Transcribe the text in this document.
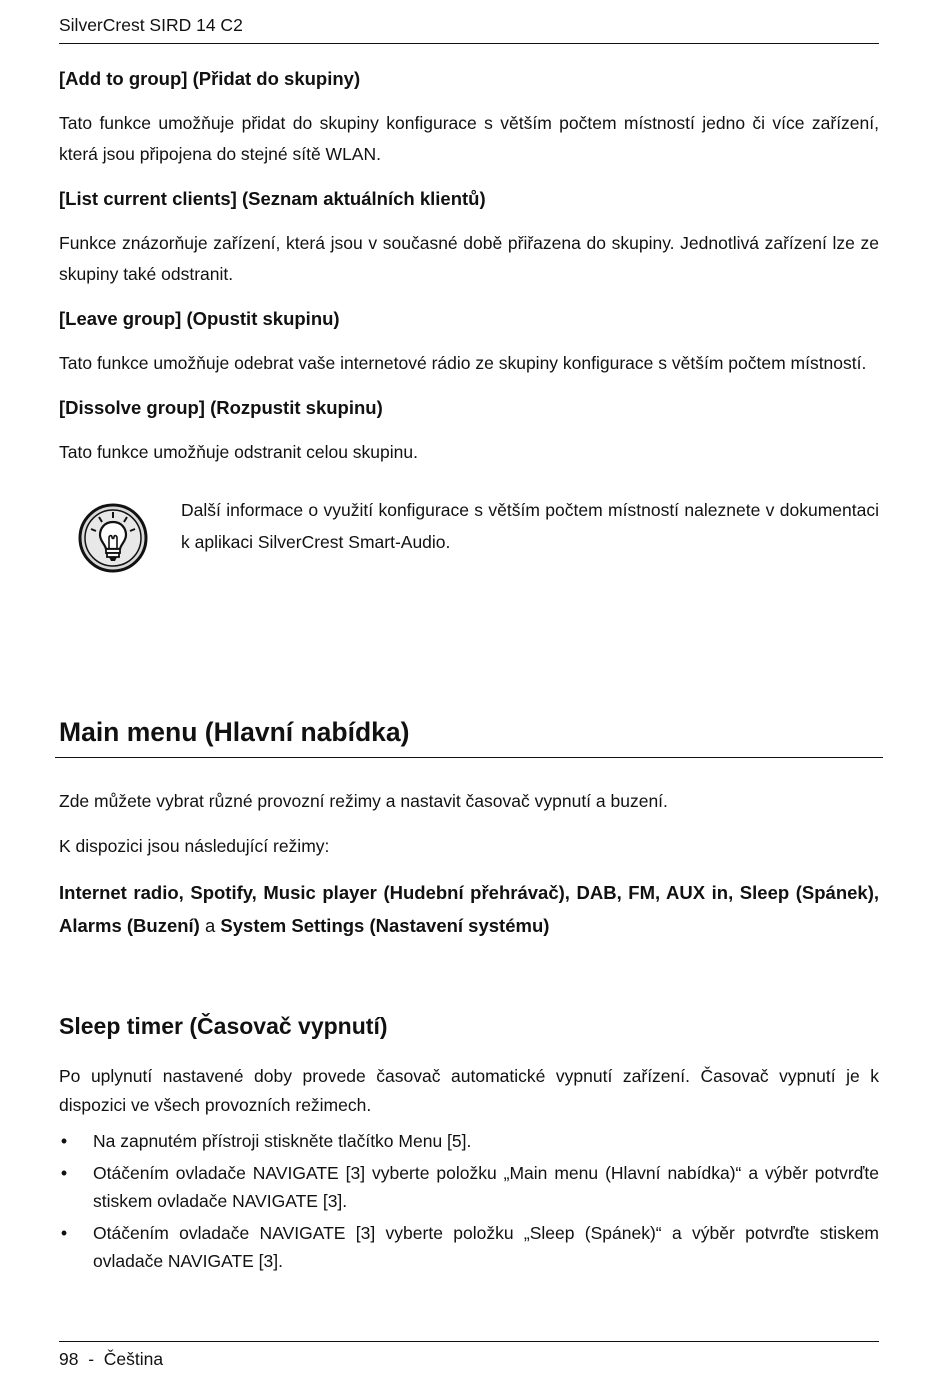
SilverCrest SIRD 14 C2
[Add to group] (Přidat do skupiny)
Tato funkce umožňuje přidat do skupiny konfigurace s větším počtem místností jedno či více zařízení, která jsou připojena do stejné sítě WLAN.
[List current clients] (Seznam aktuálních klientů)
Funkce znázorňuje zařízení, která jsou v současné době přiřazena do skupiny. Jednotlivá zařízení lze ze skupiny také odstranit.
[Leave group] (Opustit skupinu)
Tato funkce umožňuje odebrat vaše internetové rádio ze skupiny konfigurace s větším počtem místností.
[Dissolve group] (Rozpustit skupinu)
Tato funkce umožňuje odstranit celou skupinu.
Další informace o využití konfigurace s větším počtem místností naleznete v dokumentaci k aplikaci SilverCrest Smart-Audio.
Main menu (Hlavní nabídka)
Zde můžete vybrat různé provozní režimy a nastavit časovač vypnutí a buzení.
K dispozici jsou následující režimy:

Internet radio, Spotify, Music player (Hudební přehrávač), DAB, FM, AUX in, Sleep (Spánek), Alarms (Buzení) a System Settings (Nastavení systému)

Sleep timer (Časovač vypnutí)
Po uplynutí nastavené doby provede časovač automatické vypnutí zařízení. Časovač vypnutí je k dispozici ve všech provozních režimech.
• Na zapnutém přístroji stiskněte tlačítko Menu [5].
• Otáčením ovladače NAVIGATE [3] vyberte položku „Main menu (Hlavní nabídka)“ a výběr potvrďte stiskem ovladače NAVIGATE [3].
• Otáčením ovladače NAVIGATE [3] vyberte položku „Sleep (Spánek)“ a výběr potvrďte stiskem ovladače NAVIGATE [3].
98  -  Čeština
